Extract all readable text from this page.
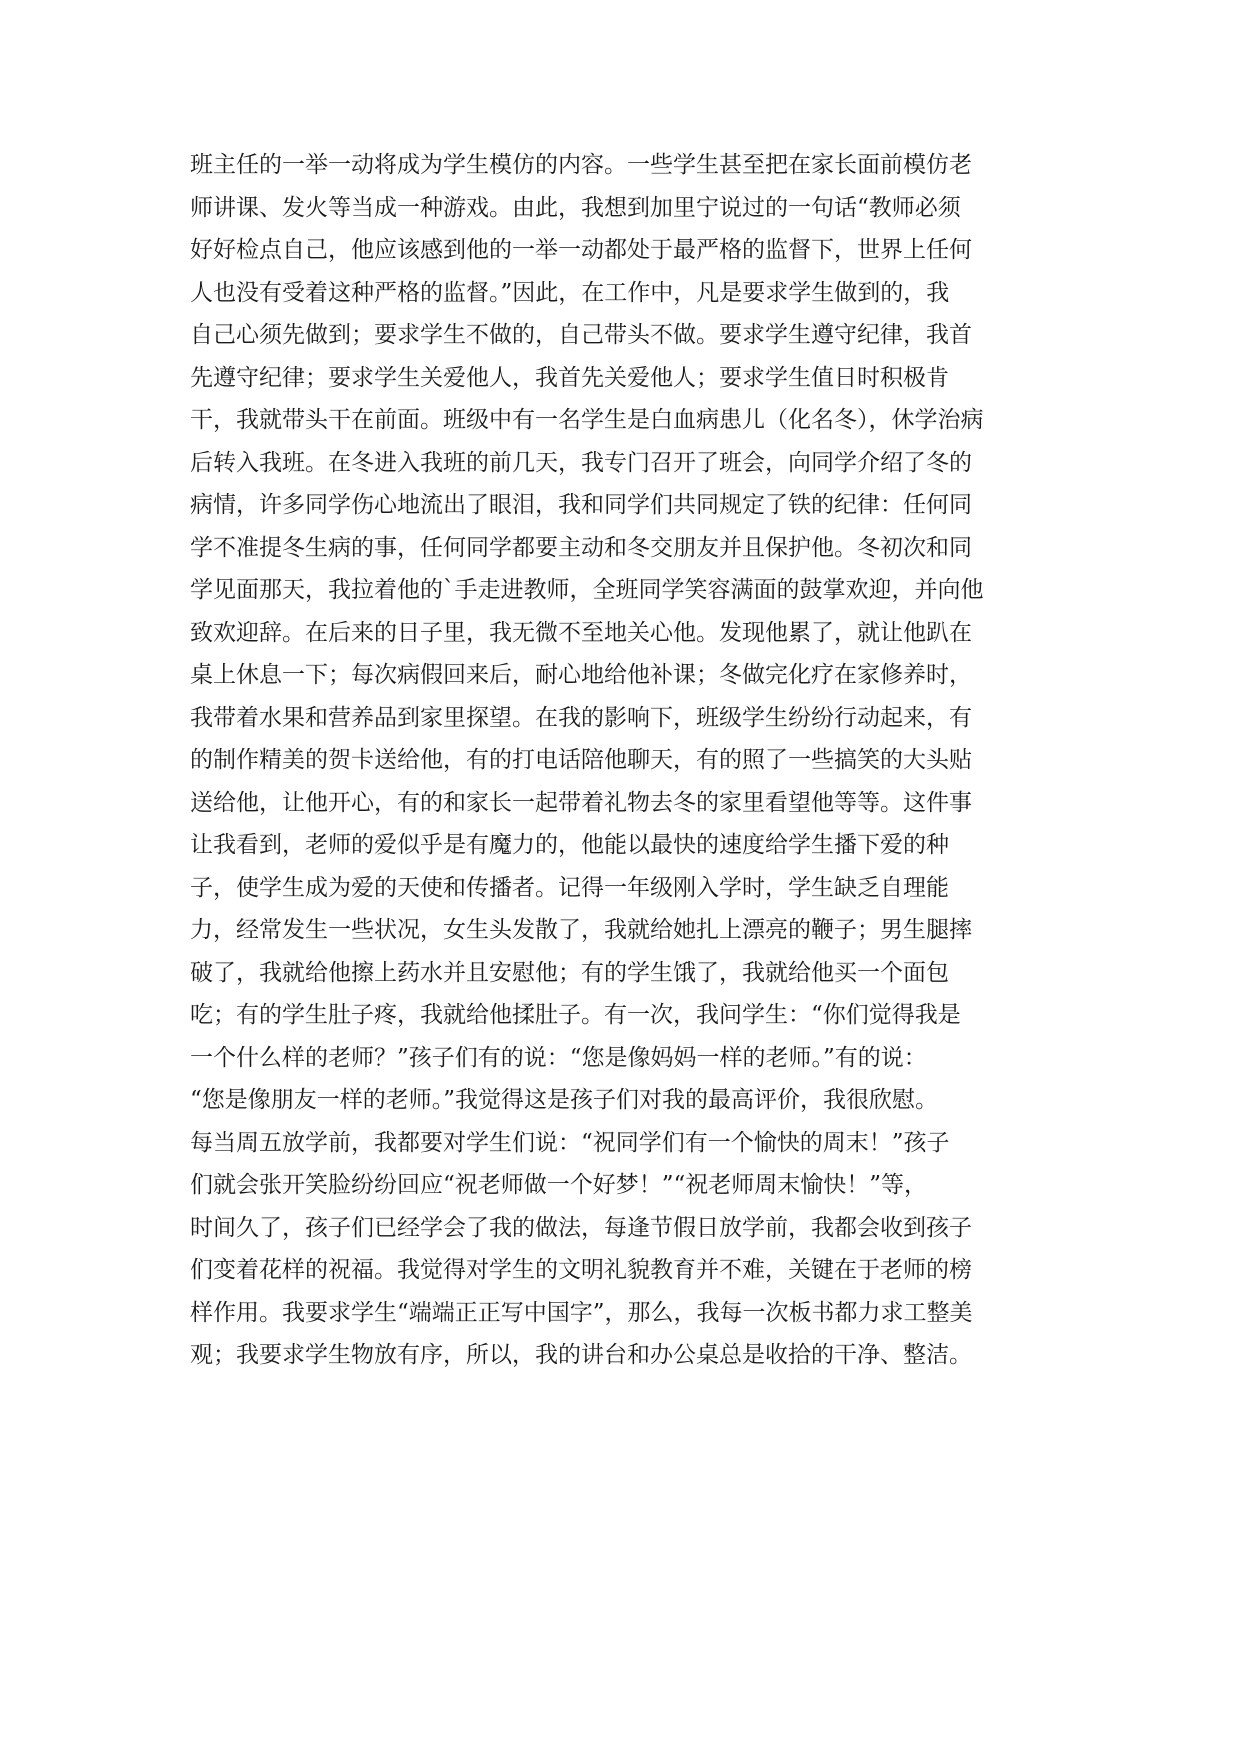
班主任的一举一动将成为学生模仿的内容。一些学生甚至把在家长面前模仿老
师讲课、发火等当成一种游戏。由此，我想到加里宁说过的一句话“教师必须
好好检点自己，他应该感到他的一举一动都处于最严格的监督下，世界上任何
人也没有受着这种严格的监督。”因此，在工作中，凡是要求学生做到的，我
自己心须先做到；要求学生不做的，自己带头不做。要求学生遵守纪律，我首
先遵守纪律；要求学生关爱他人，我首先关爱他人；要求学生值日时积极肯
干，我就带头干在前面。班级中有一名学生是白血病患儿（化名冬），休学治病
后转入我班。在冬进入我班的前几天，我专门召开了班会，向同学介绍了冬的
病情，许多同学伤心地流出了眼泪，我和同学们共同规定了铁的纪律：任何同
学不准提冬生病的事，任何同学都要主动和冬交朋友并且保护他。冬初次和同
学见面那天，我拉着他的`手走进教师，全班同学笑容满面的鼓掌欢迎，并向他
致欢迎辞。在后来的日子里，我无微不至地关心他。发现他累了，就让他趴在
桌上休息一下；每次病假回来后，耐心地给他补课；冬做完化疗在家修养时，
我带着水果和营养品到家里探望。在我的影响下，班级学生纷纷行动起来，有
的制作精美的贺卡送给他，有的打电话陪他聊天，有的照了一些搞笑的大头贴
送给他，让他开心，有的和家长一起带着礼物去冬的家里看望他等等。这件事
让我看到，老师的爱似乎是有魔力的，他能以最快的速度给学生播下爱的种
子，使学生成为爱的天使和传播者。记得一年级刚入学时，学生缺乏自理能
力，经常发生一些状况，女生头发散了，我就给她扎上漂亮的鞭子；男生腿摔
破了，我就给他擦上药水并且安慰他；有的学生饿了，我就给他买一个面包
吃；有的学生肚子疼，我就给他揉肚子。有一次，我问学生：“你们觉得我是
一个什么样的老师？”孩子们有的说：“您是像妈妈一样的老师。”有的说：
“您是像朋友一样的老师。”我觉得这是孩子们对我的最高评价，我很欣慰。
每当周五放学前，我都要对学生们说：“祝同学们有一个愉快的周末！”孩子
们就会张开笑脸纷纷回应“祝老师做一个好梦！”“祝老师周末愉快！”等，
时间久了，孩子们已经学会了我的做法，每逢节假日放学前，我都会收到孩子
们变着花样的祝福。我觉得对学生的文明礼貌教育并不难，关键在于老师的榜
样作用。我要求学生“端端正正写中国字”，那么，我每一次板书都力求工整美
观；我要求学生物放有序，所以，我的讲台和办公桌总是收拾的干净、整洁。
